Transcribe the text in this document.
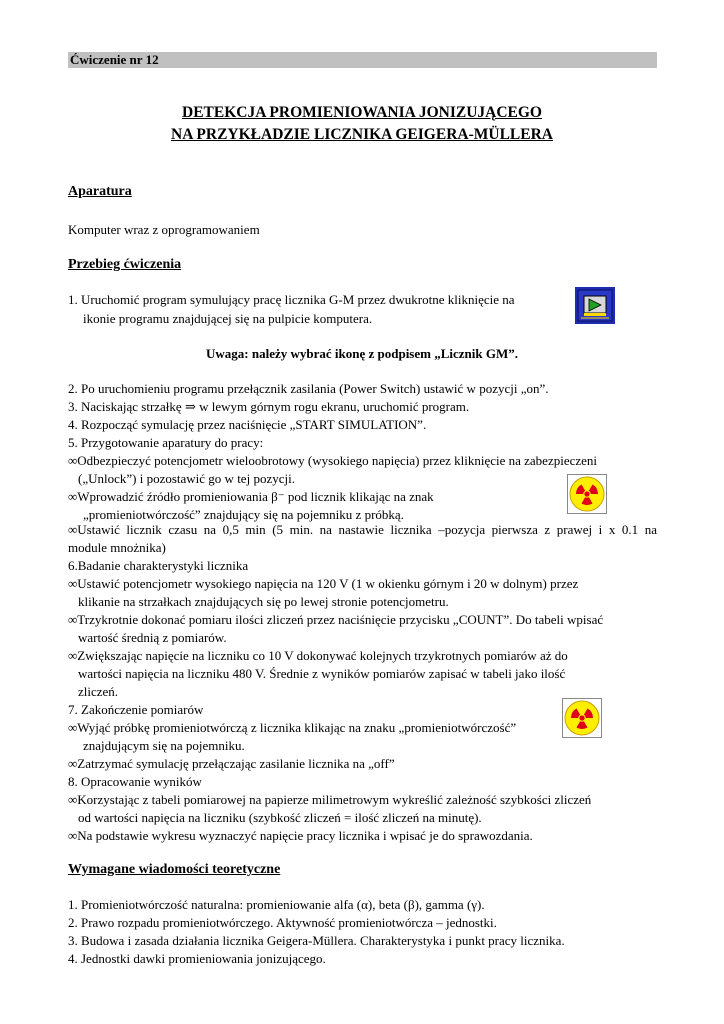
Ćwiczenie nr 12
DETEKCJA PROMIENIOWANIA JONIZUJĄCEGO
NA PRZYKŁADZIE LICZNIKA GEIGERA-MÜLLERA
Aparatura
Komputer wraz z oprogramowaniem
Przebieg ćwiczenia
1. Uruchomić program symulujący pracę licznika G-M przez dwukrotne kliknięcie na
ikonie programu znajdującej się na pulpicie komputera.
Uwaga: należy wybrać ikonę z podpisem „Licznik GM”.
2. Po uruchomieniu programu przełącznik zasilania (Power Switch) ustawić w pozycji „on”.
3. Naciskając strzałkę ⇒ w lewym górnym rogu ekranu, uruchomić program.
4. Rozpocząć symulację przez naciśnięcie „START SIMULATION”.
5. Przygotowanie aparatury do pracy:
∞Odbezpieczyć potencjometr wieloobrotowy (wysokiego napięcia) przez kliknięcie na zabezpieczeni
(„Unlock”) i pozostawić go w tej pozycji.
∞Wprowadzić źródło promieniowania β⁻ pod licznik klikając na znak
„promieniotwórczość” znajdujący się na pojemniku z próbką.
∞Ustawić licznik czasu na 0,5 min (5 min. na nastawie licznika –pozycja pierwsza z prawej i x 0.1 na
module mnożnika)
6.Badanie charakterystyki licznika
∞Ustawić potencjometr wysokiego napięcia na 120 V (1 w okienku górnym i 20 w dolnym) przez
klikanie na strzałkach znajdujących się po lewej stronie potencjometru.
∞Trzykrotnie dokonać pomiaru ilości zliczeń przez naciśnięcie przycisku „COUNT”. Do tabeli wpisać
wartość średnią z pomiarów.
∞Zwiększając napięcie na liczniku co 10 V dokonywać kolejnych trzykrotnych pomiarów aż do
wartości napięcia na liczniku 480 V. Średnie z wyników pomiarów zapisać w tabeli jako ilość
zliczeń.
7. Zakończenie pomiarów
∞Wyjąć próbkę promieniotwórczą z licznika klikając na znaku „promieniotwórczość”
znajdującym się na pojemniku.
∞Zatrzymać symulację przełączając zasilanie licznika na „off”
8. Opracowanie wyników
∞Korzystając z tabeli pomiarowej na papierze milimetrowym wykreślić zależność szybkości zliczeń
od wartości napięcia na liczniku (szybkość zliczeń = ilość zliczeń na minutę).
∞Na podstawie wykresu wyznaczyć napięcie pracy licznika i wpisać je do sprawozdania.
Wymagane wiadomości teoretyczne
1. Promieniotwórczość naturalna: promieniowanie alfa (α), beta (β), gamma (γ).
2. Prawo rozpadu promieniotwórczego. Aktywność promieniotwórcza – jednostki.
3. Budowa i zasada działania licznika Geigera-Müllera. Charakterystyka i punkt pracy licznika.
4. Jednostki dawki promieniowania jonizującego.
